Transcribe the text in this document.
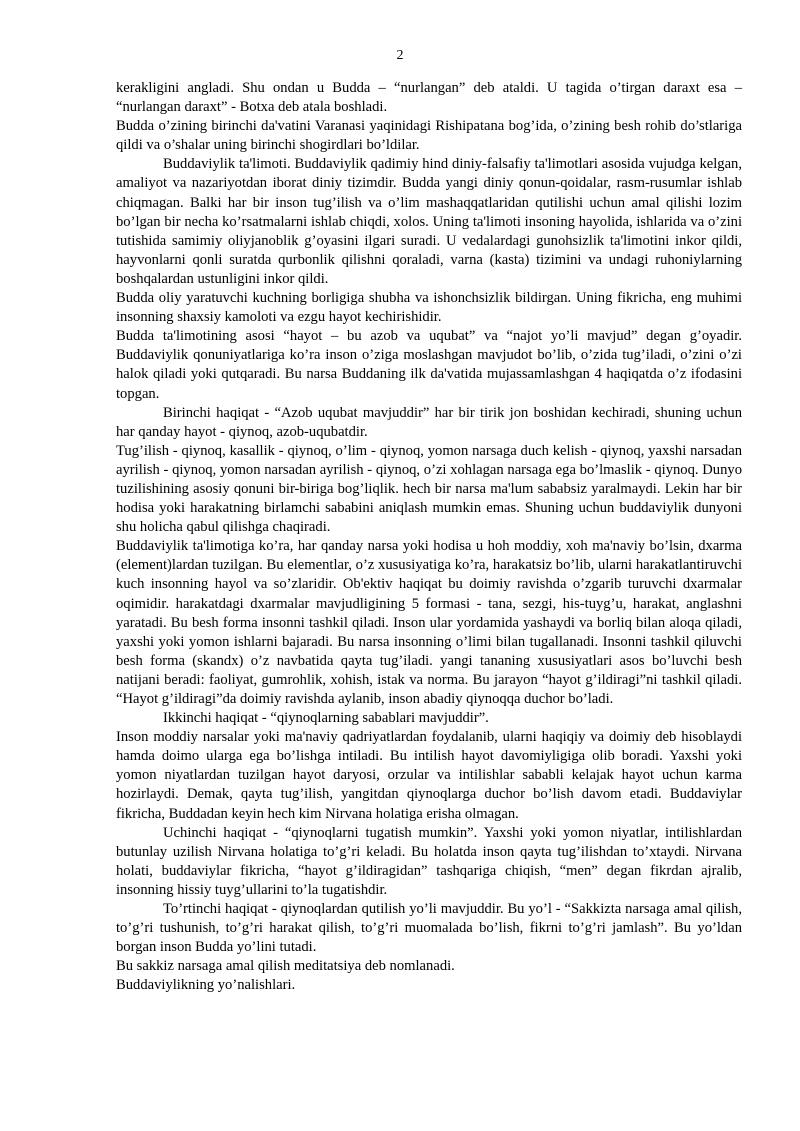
2

kerakligini angladi. Shu ondan u Budda – “nurlangan” deb ataldi. U tagida o’tirgan daraxt esa – “nurlangan daraxt” - Botxa deb atala boshladi.

Budda o’zining birinchi da'vatini Varanasi yaqinidagi Rishipatana bog’ida, o’zining besh rohib do’stlariga qildi va o’shalar uning birinchi shogirdlari bo’ldilar.

Buddaviylik ta'limoti. Buddaviylik qadimiy hind diniy-falsafiy ta'limotlari asosida vujudga kelgan, amaliyot va nazariyotdan iborat diniy tizimdir. Budda yangi diniy qonun-qoidalar, rasm-rusumlar ishlab chiqmagan. Balki har bir inson tug’ilish va o’lim mashaqqatlaridan qutilishi uchun amal qilishi lozim bo’lgan bir necha ko’rsatmalarni ishlab chiqdi, xolos. Uning ta'limoti insoning hayolida, ishlarida va o’zini tutishida samimiy oliyjanoblik g’oyasini ilgari suradi. U vedalardagi gunohsizlik ta'limotini inkor qildi, hayvonlarni qonli suratda qurbonlik qilishni qoraladi, varna (kasta) tizimini va undagi ruhoniylarning boshqalardan ustunligini inkor qildi.

Budda oliy yaratuvchi kuchning borligiga shubha va ishonchsizlik bildirgan. Uning fikricha, eng muhimi insonning shaxsiy kamoloti va ezgu hayot kechirishidir.

Budda ta'limotining asosi “hayot – bu azob va uqubat” va “najot yo’li mavjud” degan g’oyadir. Buddaviylik qonuniyatlariga ko’ra inson o’ziga moslashgan mavjudot bo’lib, o’zida tug’iladi, o’zini o’zi halok qiladi yoki qutqaradi. Bu narsa Buddaning ilk da'vatida mujassamlashgan 4 haqiqatda o’z ifodasini topgan.

Birinchi haqiqat - “Azob uqubat mavjuddir” har bir tirik jon boshidan kechiradi, shuning uchun har qanday hayot - qiynoq, azob-uqubatdir.

Tug’ilish - qiynoq, kasallik - qiynoq, o’lim - qiynoq, yomon narsaga duch kelish - qiynoq, yaxshi narsadan ayrilish - qiynoq, yomon narsadan ayrilish - qiynoq, o’zi xohlagan narsaga ega bo’lmaslik - qiynoq. Dunyo tuzilishining asosiy qonuni bir-biriga bog’liqlik. hech bir narsa ma'lum sababsiz yaralmaydi. Lekin har bir hodisa yoki harakatning birlamchi sababini aniqlash mumkin emas. Shuning uchun buddaviylik dunyoni shu holicha qabul qilishga chaqiradi.

Buddaviylik ta'limotiga ko’ra, har qanday narsa yoki hodisa u hoh moddiy, xoh ma'naviy bo’lsin, dxarma (element)lardan tuzilgan. Bu elementlar, o’z xususiyatiga ko’ra, harakatsiz bo’lib, ularni harakatlantiruvchi kuch insonning hayol va so’zlaridir. Ob'ektiv haqiqat bu doimiy ravishda o’zgarib turuvchi dxarmalar oqimidir. harakatdagi dxarmalar mavjudligining 5 formasi - tana, sezgi, his-tuyg’u, harakat, anglashni yaratadi. Bu besh forma insonni tashkil qiladi. Inson ular yordamida yashaydi va borliq bilan aloqa qiladi, yaxshi yoki yomon ishlarni bajaradi. Bu narsa insonning o’limi bilan tugallanadi. Insonni tashkil qiluvchi besh forma (skandx) o’z navbatida qayta tug’iladi. yangi tananing xususiyatlari asos bo’luvchi besh natijani beradi: faoliyat, gumrohlik, xohish, istak va norma. Bu jarayon “hayot g’ildiragi”ni tashkil qiladi. “Hayot g’ildiragi”da doimiy ravishda aylanib, inson abadiy qiynoqqa duchor bo’ladi.

Ikkinchi haqiqat - “qiynoqlarning sabablari mavjuddir”.

Inson moddiy narsalar yoki ma'naviy qadriyatlardan foydalanib, ularni haqiqiy va doimiy deb hisoblaydi hamda doimo ularga ega bo’lishga intiladi. Bu intilish hayot davomiyligiga olib boradi. Yaxshi yoki yomon niyatlardan tuzilgan hayot daryosi, orzular va intilishlar sababli kelajak hayot uchun karma hozirlaydi. Demak, qayta tug’ilish, yangitdan qiynoqlarga duchor bo’lish davom etadi. Buddaviylar fikricha, Buddadan keyin hech kim Nirvana holatiga erisha olmagan.

Uchinchi haqiqat - “qiynoqlarni tugatish mumkin”. Yaxshi yoki yomon niyatlar, intilishlardan butunlay uzilish Nirvana holatiga to’g’ri keladi. Bu holatda inson qayta tug’ilishdan to’xtaydi. Nirvana holati, buddaviylar fikricha, “hayot g’ildiragidan” tashqariga chiqish, “men” degan fikrdan ajralib, insonning hissiy tuyg’ullarini to’la tugatishdir.

To’rtinchi haqiqat - qiynoqlardan qutilish yo’li mavjuddir. Bu yo’l - “Sakkizta narsaga amal qilish, to’g’ri tushunish, to’g’ri harakat qilish, to’g’ri muomalada bo’lish, fikrni to’g’ri jamlash”. Bu yo’ldan borgan inson Budda yo’lini tutadi.

Bu sakkiz narsaga amal qilish meditatsiya deb nomlanadi.

Buddaviylikning yo’nalishlari.
